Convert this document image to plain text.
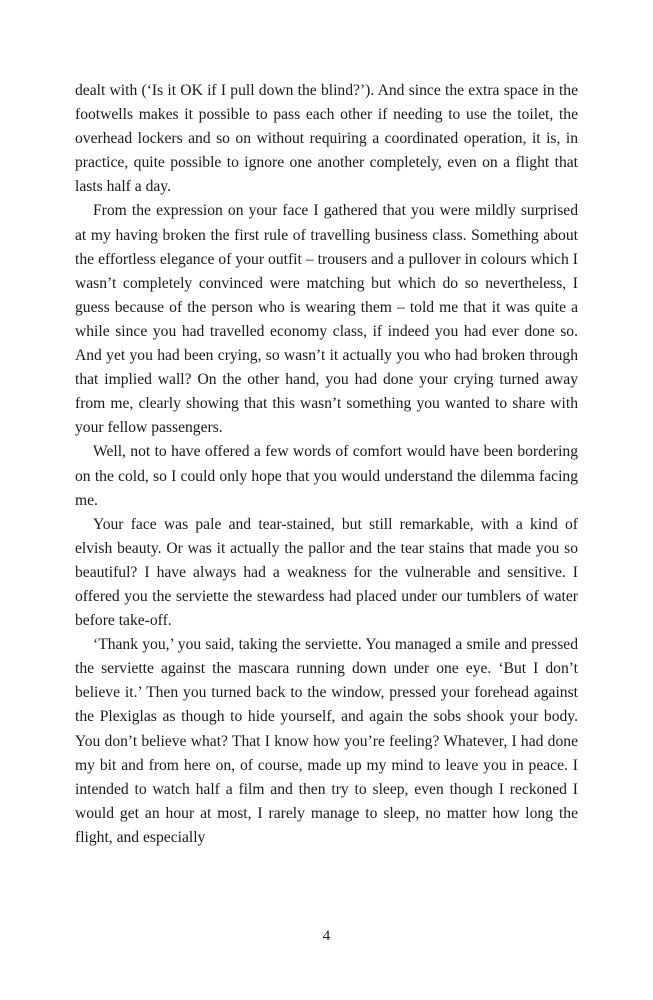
dealt with (‘Is it OK if I pull down the blind?’). And since the extra space in the footwells makes it possible to pass each other if needing to use the toilet, the overhead lockers and so on without requiring a coordinated operation, it is, in practice, quite possible to ignore one another completely, even on a flight that lasts half a day.

From the expression on your face I gathered that you were mildly surprised at my having broken the first rule of travelling business class. Something about the effortless elegance of your outfit – trousers and a pullover in colours which I wasn’t completely convinced were matching but which do so nevertheless, I guess because of the person who is wearing them – told me that it was quite a while since you had travelled economy class, if indeed you had ever done so. And yet you had been crying, so wasn’t it actually you who had broken through that implied wall? On the other hand, you had done your crying turned away from me, clearly showing that this wasn’t something you wanted to share with your fellow passengers.

Well, not to have offered a few words of comfort would have been bordering on the cold, so I could only hope that you would understand the dilemma facing me.

Your face was pale and tear-stained, but still remarkable, with a kind of elvish beauty. Or was it actually the pallor and the tear stains that made you so beautiful? I have always had a weakness for the vulnerable and sensitive. I offered you the serviette the stewardess had placed under our tumblers of water before take-off.

‘Thank you,’ you said, taking the serviette. You managed a smile and pressed the serviette against the mascara running down under one eye. ‘But I don’t believe it.’ Then you turned back to the window, pressed your forehead against the Plexiglas as though to hide yourself, and again the sobs shook your body. You don’t believe what? That I know how you’re feeling? Whatever, I had done my bit and from here on, of course, made up my mind to leave you in peace. I intended to watch half a film and then try to sleep, even though I reckoned I would get an hour at most, I rarely manage to sleep, no matter how long the flight, and especially

4
